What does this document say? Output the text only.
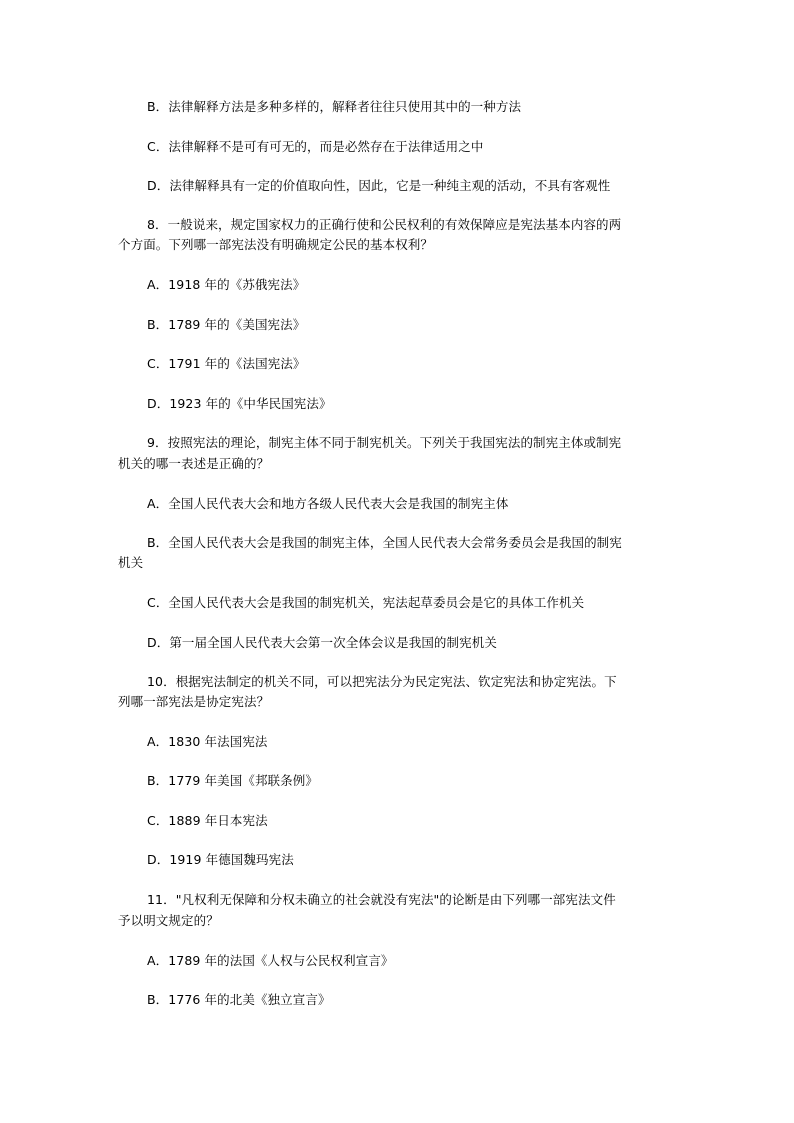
B．法律解释方法是多种多样的，解释者往往只使用其中的一种方法
C．法律解释不是可有可无的，而是必然存在于法律适用之中
D．法律解释具有一定的价值取向性，因此，它是一种纯主观的活动，不具有客观性
8．一般说来，规定国家权力的正确行使和公民权利的有效保障应是宪法基本内容的两
个方面。下列哪一部宪法没有明确规定公民的基本权利？
A．1918 年的《苏俄宪法》
B．1789 年的《美国宪法》
C．1791 年的《法国宪法》
D．1923 年的《中华民国宪法》
9．按照宪法的理论，制宪主体不同于制宪机关。下列关于我国宪法的制宪主体或制宪
机关的哪一表述是正确的？
A．全国人民代表大会和地方各级人民代表大会是我国的制宪主体
B．全国人民代表大会是我国的制宪主体，全国人民代表大会常务委员会是我国的制宪
机关
C．全国人民代表大会是我国的制宪机关，宪法起草委员会是它的具体工作机关
D．第一届全国人民代表大会第一次全体会议是我国的制宪机关
10．根据宪法制定的机关不同，可以把宪法分为民定宪法、钦定宪法和协定宪法。下
列哪一部宪法是协定宪法？
A．1830 年法国宪法
B．1779 年美国《邦联条例》
C．1889 年日本宪法
D．1919 年德国魏玛宪法
11．"凡权利无保障和分权未确立的社会就没有宪法"的论断是由下列哪一部宪法文件
予以明文规定的？
A．1789 年的法国《人权与公民权利宣言》
B．1776 年的北美《独立宣言》
